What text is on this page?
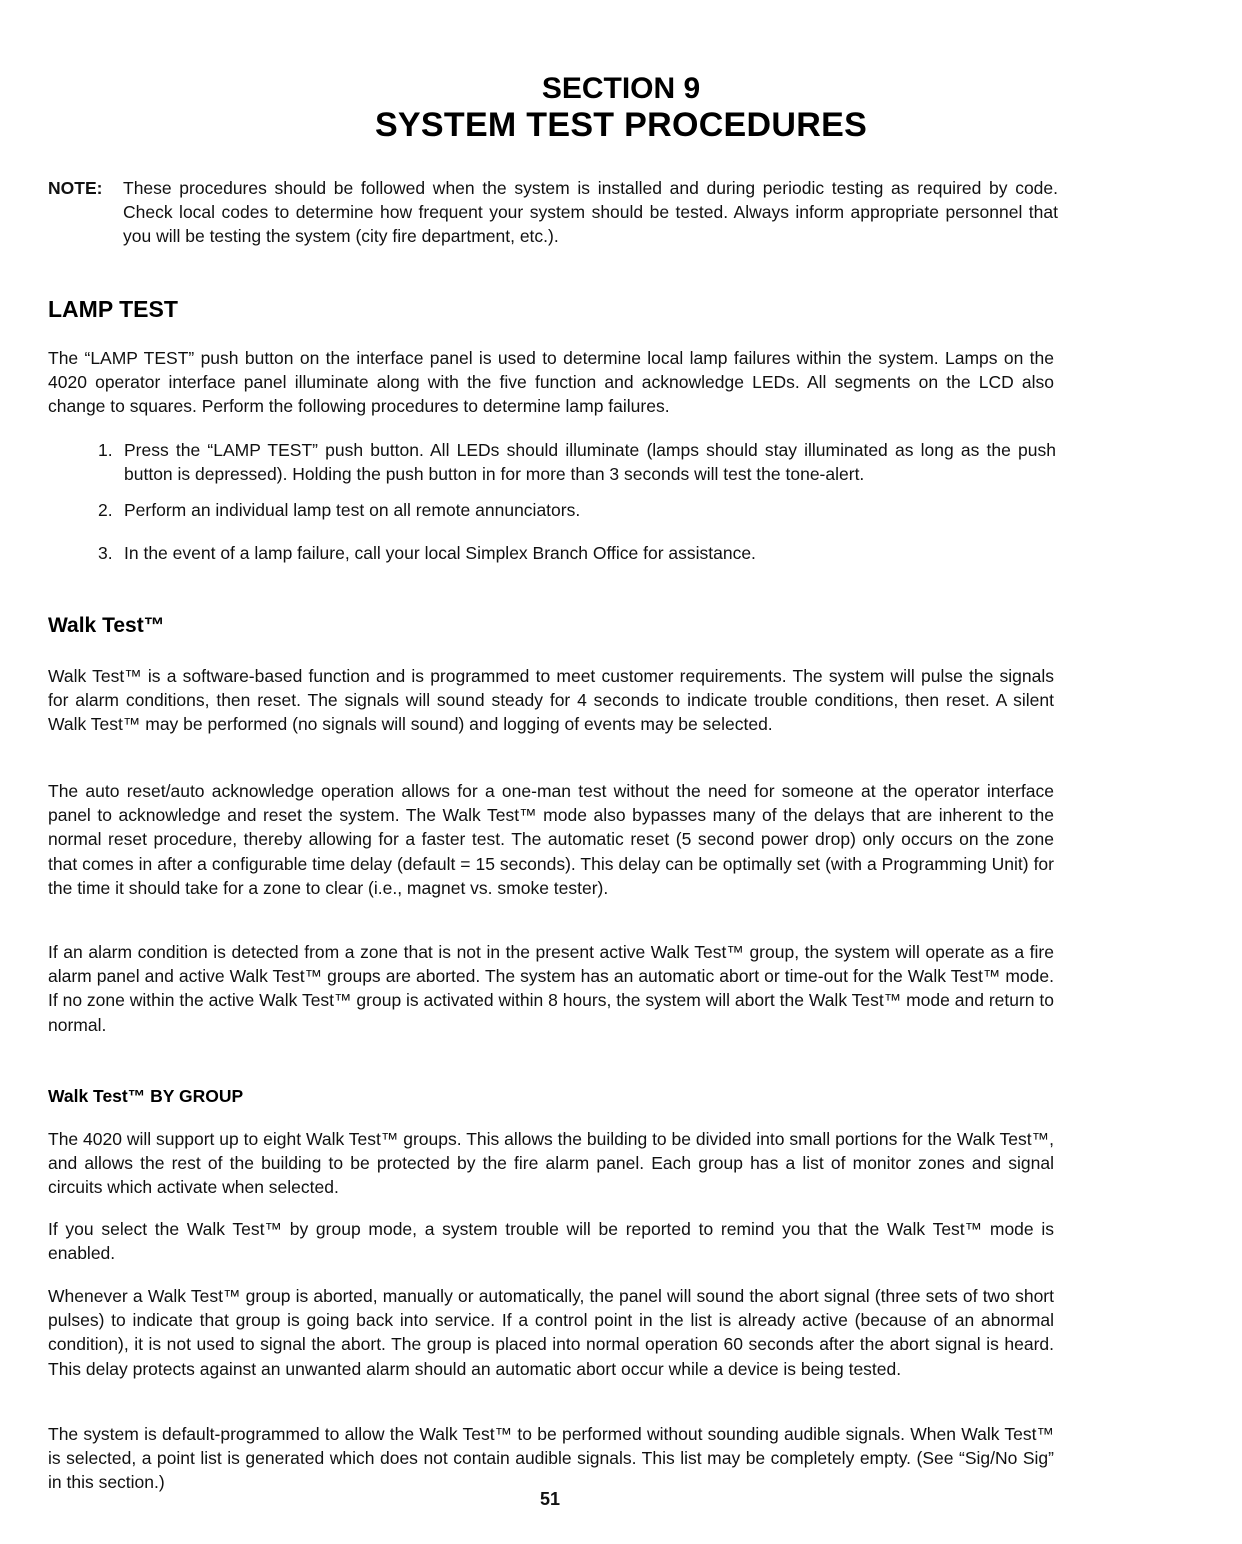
SECTION 9
SYSTEM TEST PROCEDURES
NOTE: These procedures should be followed when the system is installed and during periodic testing as required by code. Check local codes to determine how frequent your system should be tested. Always inform appropriate personnel that you will be testing the system (city fire department, etc.).
LAMP TEST

The “LAMP TEST” push button on the interface panel is used to determine local lamp failures within the system. Lamps on the 4020 operator interface panel illuminate along with the five function and acknowledge LEDs. All segments on the LCD also change to squares. Perform the following procedures to determine lamp failures.

1. Press the “LAMP TEST” push button. All LEDs should illuminate (lamps should stay illuminated as long as the push button is depressed). Holding the push button in for more than 3 seconds will test the tone-alert.
2. Perform an individual lamp test on all remote annunciators.
3. In the event of a lamp failure, call your local Simplex Branch Office for assistance.
Walk Test™

Walk Test™ is a software-based function and is programmed to meet customer requirements. The system will pulse the signals for alarm conditions, then reset. The signals will sound steady for 4 seconds to indicate trouble conditions, then reset. A silent Walk Test™ may be performed (no signals will sound) and logging of events may be selected.

The auto reset/auto acknowledge operation allows for a one-man test without the need for someone at the operator interface panel to acknowledge and reset the system. The Walk Test™ mode also bypasses many of the delays that are inherent to the normal reset procedure, thereby allowing for a faster test. The automatic reset (5 second power drop) only occurs on the zone that comes in after a configurable time delay (default = 15 seconds). This delay can be optimally set (with a Programming Unit) for the time it should take for a zone to clear (i.e., magnet vs. smoke tester).

If an alarm condition is detected from a zone that is not in the present active Walk Test™ group, the system will operate as a fire alarm panel and active Walk Test™ groups are aborted. The system has an automatic abort or time-out for the Walk Test™ mode. If no zone within the active Walk Test™ group is activated within 8 hours, the system will abort the Walk Test™ mode and return to normal.

Walk Test™ BY GROUP

The 4020 will support up to eight Walk Test™ groups. This allows the building to be divided into small portions for the Walk Test™, and allows the rest of the building to be protected by the fire alarm panel. Each group has a list of monitor zones and signal circuits which activate when selected.

If you select the Walk Test™ by group mode, a system trouble will be reported to remind you that the Walk Test™ mode is enabled.

Whenever a Walk Test™ group is aborted, manually or automatically, the panel will sound the abort signal (three sets of two short pulses) to indicate that group is going back into service. If a control point in the list is already active (because of an abnormal condition), it is not used to signal the abort. The group is placed into normal operation 60 seconds after the abort signal is heard. This delay protects against an unwanted alarm should an automatic abort occur while a device is being tested.

The system is default-programmed to allow the Walk Test™ to be performed without sounding audible signals. When Walk Test™ is selected, a point list is generated which does not contain audible signals. This list may be completely empty. (See “Sig/No Sig” in this section.)

51
